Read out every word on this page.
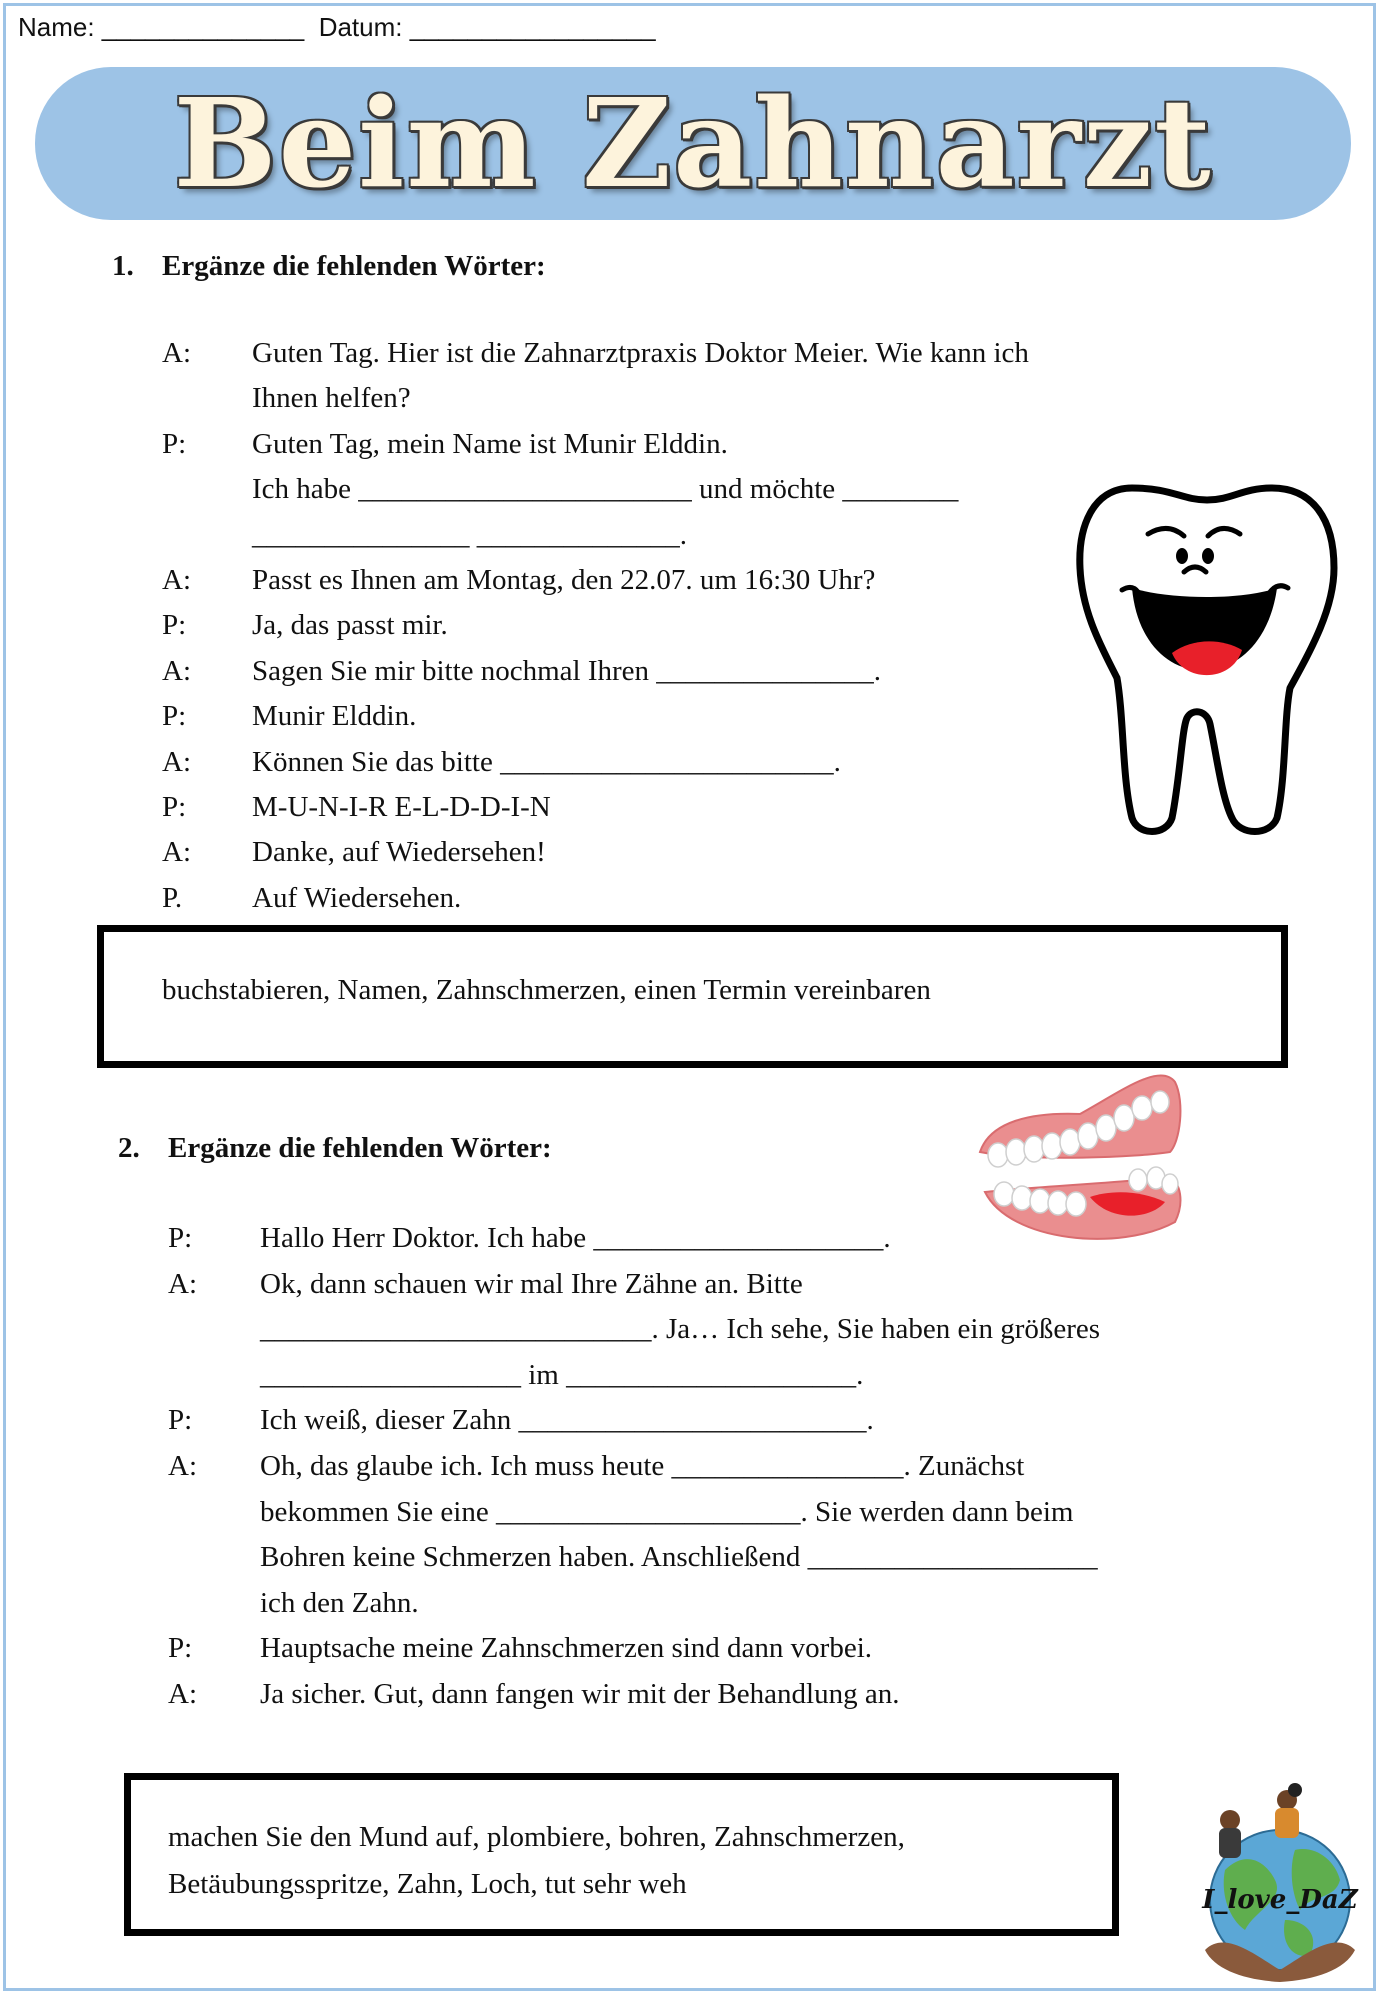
Name: ______________  Datum: _________________
Beim Zahnarzt
1. Ergänze die fehlenden Wörter:
A: Guten Tag. Hier ist die Zahnarztpraxis Doktor Meier. Wie kann ich
Ihnen helfen?
P: Guten Tag, mein Name ist Munir Elddin.
Ich habe _______________________ und möchte ________
_______________ ______________.
A: Passt es Ihnen am Montag, den 22.07. um 16:30 Uhr?
P: Ja, das passt mir.
A: Sagen Sie mir bitte nochmal Ihren _______________.
P: Munir Elddin.
A: Können Sie das bitte _______________________.
P: M-U-N-I-R E-L-D-D-I-N
A: Danke, auf Wiedersehen!
P. Auf Wiedersehen.
buchstabieren, Namen, Zahnschmerzen, einen Termin vereinbaren
2. Ergänze die fehlenden Wörter:
P: Hallo Herr Doktor. Ich habe ____________________.
A: Ok, dann schauen wir mal Ihre Zähne an. Bitte
___________________________. Ja… Ich sehe, Sie haben ein größeres
__________________ im ____________________.
P: Ich weiß, dieser Zahn ________________________.
A: Oh, das glaube ich. Ich muss heute ________________. Zunächst
bekommen Sie eine _____________________. Sie werden dann beim
Bohren keine Schmerzen haben. Anschließend ____________________
ich den Zahn.
P: Hauptsache meine Zahnschmerzen sind dann vorbei.
A: Ja sicher. Gut, dann fangen wir mit der Behandlung an.
machen Sie den Mund auf, plombiere, bohren, Zahnschmerzen,
Betäubungsspritze, Zahn, Loch, tut sehr weh	I_love_DaZ
